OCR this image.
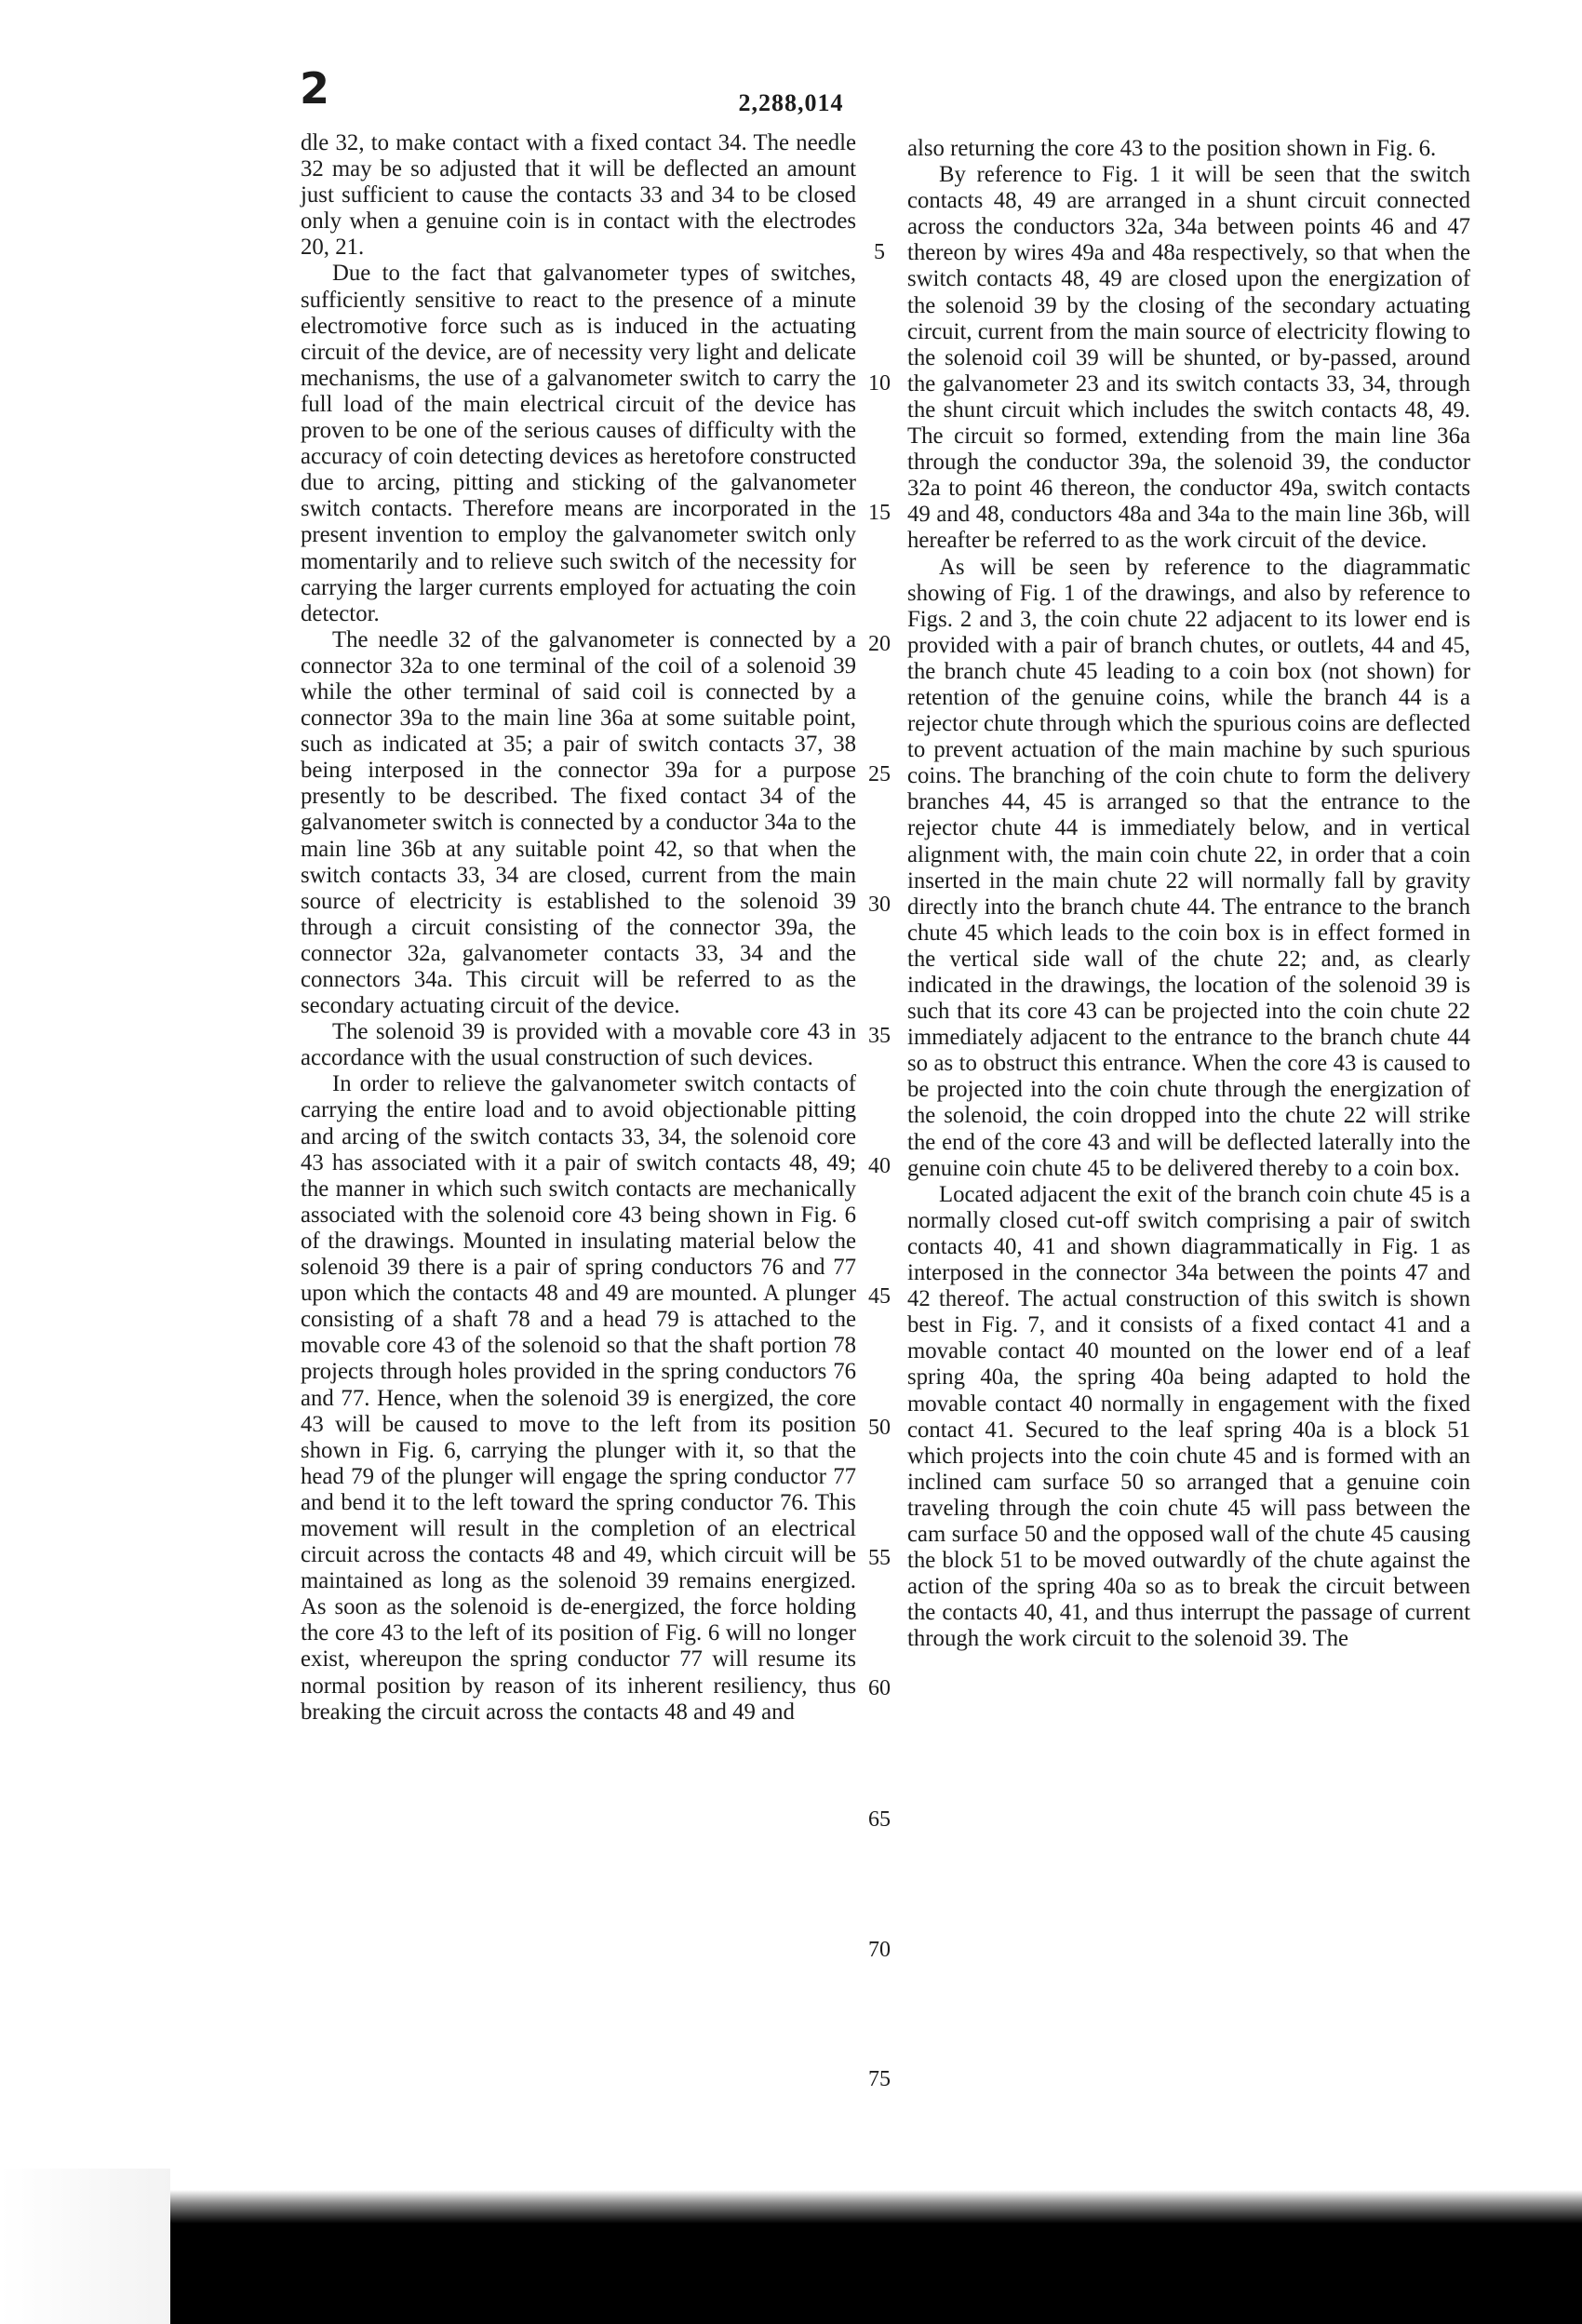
2	2,288,014

dle 32, to make contact with a fixed contact 34. The needle 32 may be so adjusted that it will be deflected an amount just sufficient to cause the contacts 33 and 34 to be closed only when a genuine coin is in contact with the electrodes 20, 21.

Due to the fact that galvanometer types of switches, sufficiently sensitive to react to the presence of a minute electromotive force such as is induced in the actuating circuit of the device, are of necessity very light and delicate mechanisms, the use of a galvanometer switch to carry the full load of the main electrical circuit of the device has proven to be one of the serious causes of difficulty with the accuracy of coin detecting devices as heretofore constructed due to arcing, pitting and sticking of the galvanometer switch contacts. Therefore means are incorporated in the present invention to employ the galvanometer switch only momentarily and to relieve such switch of the necessity for carrying the larger currents employed for actuating the coin detector.

The needle 32 of the galvanometer is connected by a connector 32a to one terminal of the coil of a solenoid 39 while the other terminal of said coil is connected by a connector 39a to the main line 36a at some suitable point, such as indicated at 35; a pair of switch contacts 37, 38 being interposed in the connector 39a for a purpose presently to be described. The fixed contact 34 of the galvanometer switch is connected by a conductor 34a to the main line 36b at any suitable point 42, so that when the switch contacts 33, 34 are closed, current from the main source of electricity is established to the solenoid 39 through a circuit consisting of the connector 39a, the connector 32a, galvanometer contacts 33, 34 and the connectors 34a. This circuit will be referred to as the secondary actuating circuit of the device.

The solenoid 39 is provided with a movable core 43 in accordance with the usual construction of such devices.

In order to relieve the galvanometer switch contacts of carrying the entire load and to avoid objectionable pitting and arcing of the switch contacts 33, 34, the solenoid core 43 has associated with it a pair of switch contacts 48, 49; the manner in which such switch contacts are mechanically associated with the solenoid core 43 being shown in Fig. 6 of the drawings. Mounted in insulating material below the solenoid 39 there is a pair of spring conductors 76 and 77 upon which the contacts 48 and 49 are mounted. A plunger consisting of a shaft 78 and a head 79 is attached to the movable core 43 of the solenoid so that the shaft portion 78 projects through holes provided in the spring conductors 76 and 77. Hence, when the solenoid 39 is energized, the core 43 will be caused to move to the left from its position shown in Fig. 6, carrying the plunger with it, so that the head 79 of the plunger will engage the spring conductor 77 and bend it to the left toward the spring conductor 76. This movement will result in the completion of an electrical circuit across the contacts 48 and 49, which circuit will be maintained as long as the solenoid 39 remains energized. As soon as the solenoid is de-energized, the force holding the core 43 to the left of its position of Fig. 6 will no longer exist, whereupon the spring conductor 77 will resume its normal position by reason of its inherent resiliency, thus breaking the circuit across the contacts 48 and 49 and

also returning the core 43 to the position shown in Fig. 6.

By reference to Fig. 1 it will be seen that the switch contacts 48, 49 are arranged in a shunt circuit connected across the conductors 32a, 34a between points 46 and 47 thereon by wires 49a and 48a respectively, so that when the switch contacts 48, 49 are closed upon the energization of the solenoid 39 by the closing of the secondary actuating circuit, current from the main source of electricity flowing to the solenoid coil 39 will be shunted, or by-passed, around the galvanometer 23 and its switch contacts 33, 34, through the shunt circuit which includes the switch contacts 48, 49. The circuit so formed, extending from the main line 36a through the conductor 39a, the solenoid 39, the conductor 32a to point 46 thereon, the conductor 49a, switch contacts 49 and 48, conductors 48a and 34a to the main line 36b, will hereafter be referred to as the work circuit of the device.

As will be seen by reference to the diagrammatic showing of Fig. 1 of the drawings, and also by reference to Figs. 2 and 3, the coin chute 22 adjacent to its lower end is provided with a pair of branch chutes, or outlets, 44 and 45, the branch chute 45 leading to a coin box (not shown) for retention of the genuine coins, while the branch 44 is a rejector chute through which the spurious coins are deflected to prevent actuation of the main machine by such spurious coins. The branching of the coin chute to form the delivery branches 44, 45 is arranged so that the entrance to the rejector chute 44 is immediately below, and in vertical alignment with, the main coin chute 22, in order that a coin inserted in the main chute 22 will normally fall by gravity directly into the branch chute 44. The entrance to the branch chute 45 which leads to the coin box is in effect formed in the vertical side wall of the chute 22; and, as clearly indicated in the drawings, the location of the solenoid 39 is such that its core 43 can be projected into the coin chute 22 immediately adjacent to the entrance to the branch chute 44 so as to obstruct this entrance. When the core 43 is caused to be projected into the coin chute through the energization of the solenoid, the coin dropped into the chute 22 will strike the end of the core 43 and will be deflected laterally into the genuine coin chute 45 to be delivered thereby to a coin box.

Located adjacent the exit of the branch coin chute 45 is a normally closed cut-off switch comprising a pair of switch contacts 40, 41 and shown diagrammatically in Fig. 1 as interposed in the connector 34a between the points 47 and 42 thereof. The actual construction of this switch is shown best in Fig. 7, and it consists of a fixed contact 41 and a movable contact 40 mounted on the lower end of a leaf spring 40a, the spring 40a being adapted to hold the movable contact 40 normally in engagement with the fixed contact 41. Secured to the leaf spring 40a is a block 51 which projects into the coin chute 45 and is formed with an inclined cam surface 50 so arranged that a genuine coin traveling through the coin chute 45 will pass between the cam surface 50 and the opposed wall of the chute 45 causing the block 51 to be moved outwardly of the chute against the action of the spring 40a so as to break the circuit between the contacts 40, 41, and thus interrupt the passage of current through the work circuit to the solenoid 39. The

5
10
15
20
25
30
35
40
45
50
55
60
65
70
75
